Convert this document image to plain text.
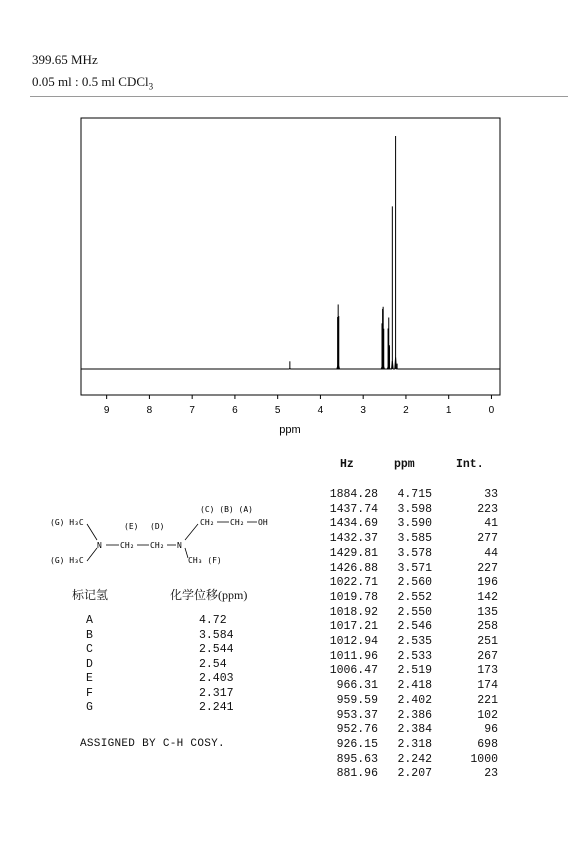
399.65 MHz
0.05 ml : 0.5 ml CDCl$_3$
9	8	7	6	5	4	3	2	1	0
ppm
Hz	ppm	Int.
1884.28 4.715	33
1437.74 3.598	223
1434.69 3.590	41
1432.37 3.585	277
1429.81 3.578	44
1426.88 3.571	227
1022.71 2.560	196
1019.78 2.552	142
1018.92 2.550	135
1017.21 2.546	258
1012.94 2.535	251
1011.96 2.533	267
1006.47 2.519	173
966.31 2.418	174
959.59 2.402	221
953.37 2.386	102
952.76 2.384	96
926.15 2.318	698
895.63 2.242	1000
881.96 2.207	23
(G) H₃C
(G) H₃C
(E) (D)
(C) (B) (A)
N	N
CH₂ CH₂
CH₂ CH₂ OH
CH₃ (F)
标记氢	化学位移(ppm)
A	4.72
B	3.584
C	2.544
D	2.54
E	2.403
F	2.317
G	2.241
ASSIGNED BY C-H COSY.
